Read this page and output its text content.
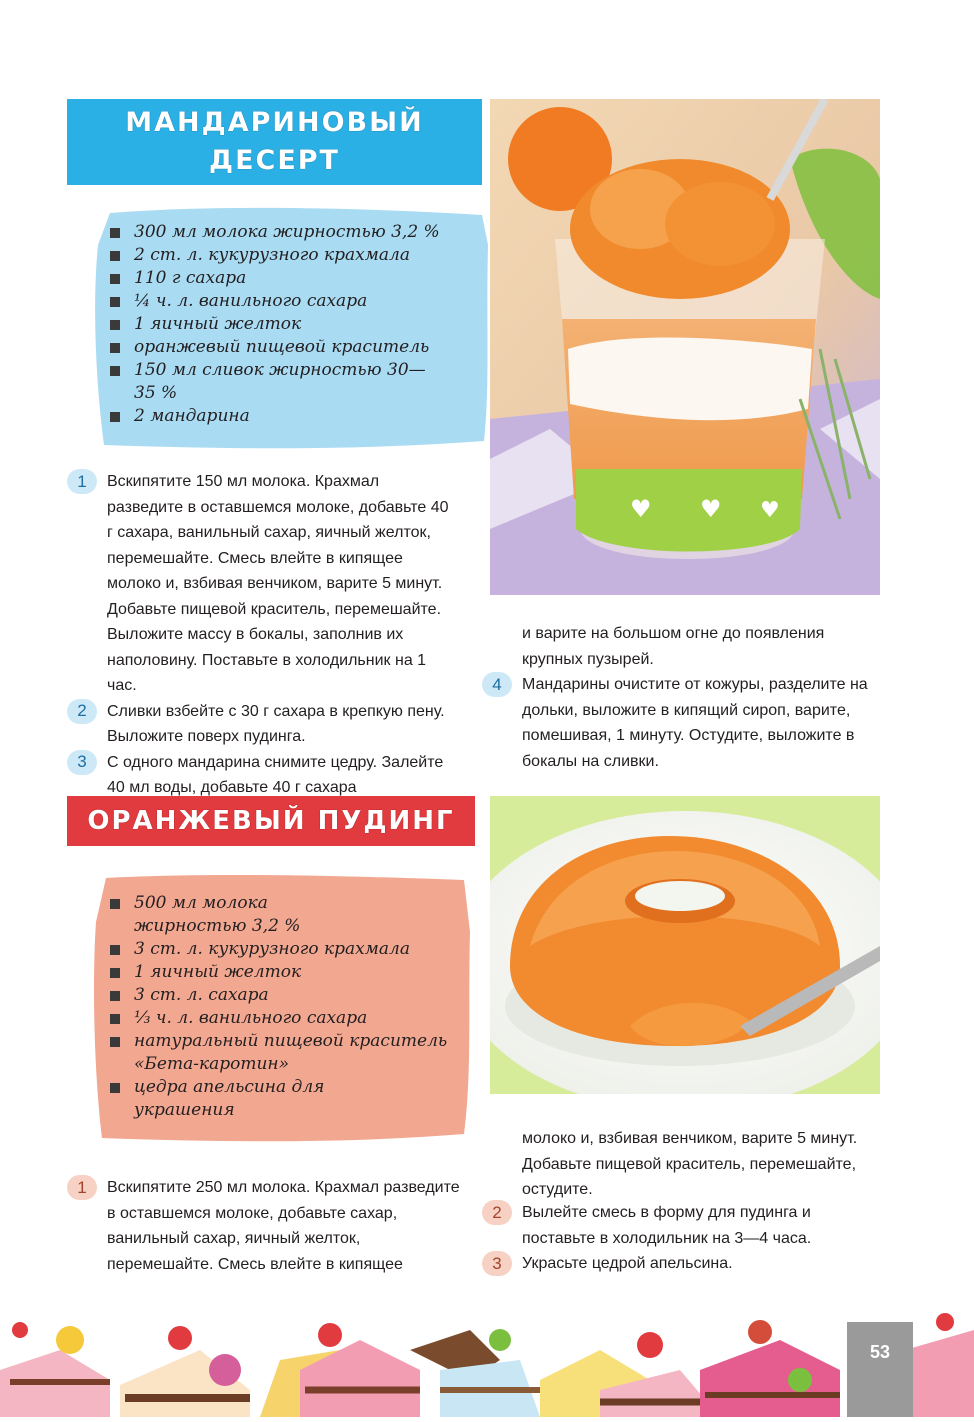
МАНДАРИНОВЫЙ
ДЕСЕРТ
300 мл молока жирностью 3,2 %
2 ст. л. кукурузного крахмала
110 г сахара
¼ ч. л. ванильного сахара
1 яичный желток
оранжевый пищевой краситель
150 мл сливок жирностью 30—35 %
2 мандарина
♥ ♥ ♥
1	Вскипятите 150 мл молока. Крахмал разведите в оставшемся молоке, добавьте 40 г сахара, ванильный сахар, яичный желток, перемешайте. Смесь влейте в кипящее молоко и, взбивая венчиком, варите 5 минут. Добавьте пищевой краситель, перемешайте. Выложите массу в бокалы, заполнив их наполовину. Поставьте в холодильник на 1 час.
2	Сливки взбейте с 30 г сахара в крепкую пену. Выложите поверх пудинга.
3	С одного мандарина снимите цедру. Залейте 40 мл воды, добавьте 40 г сахара
и варите на большом огне до появления крупных пузырей.
4	Мандарины очистите от кожуры, разделите на дольки, выложите в кипящий сироп, варите, помешивая, 1 минуту. Остудите, выложите в бокалы на сливки.
ОРАНЖЕВЫЙ ПУДИНГ
500 мл молока жирностью 3,2 %
3 ст. л. кукурузного крахмала
1 яичный желток
3 ст. л. сахара
⅓ ч. л. ванильного сахара
натуральный пищевой краситель «Бета-каротин»
цедра апельсина для украшения
молоко и, взбивая венчиком, варите 5 минут. Добавьте пищевой краситель, перемешайте, остудите.
1	Вскипятите 250 мл молока. Крахмал разведите в оставшемся молоке, добавьте сахар, ванильный сахар, яичный желток, перемешайте. Смесь влейте в кипящее
2	Вылейте смесь в форму для пудинга и поставьте в холодильник на 3—4 часа.
3	Украсьте цедрой апельсина.
53
